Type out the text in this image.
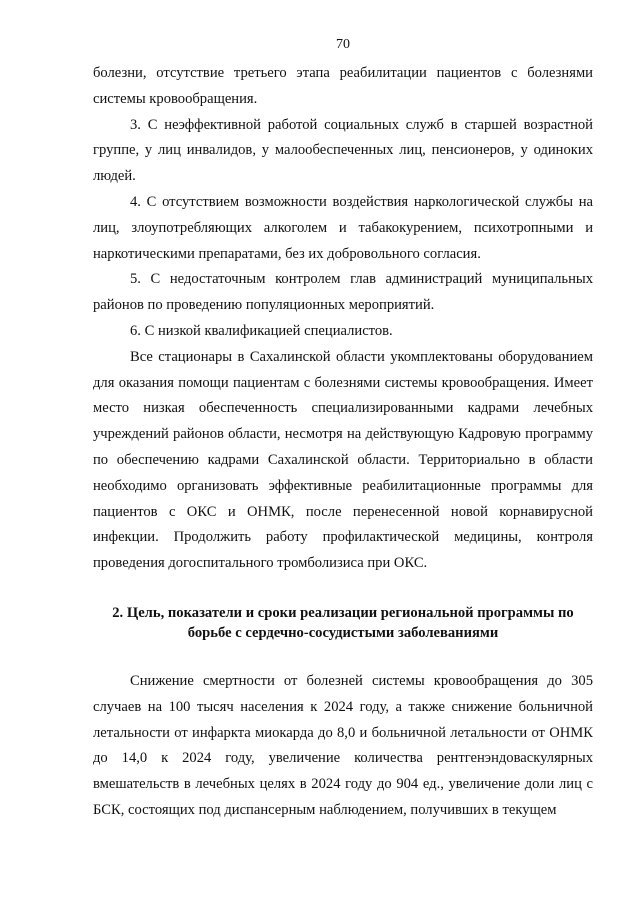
70

болезни, отсутствие третьего этапа реабилитации пациентов с болезнями системы кровообращения.

3. С неэффективной работой социальных служб в старшей возрастной группе, у лиц инвалидов, у малообеспеченных лиц, пенсионеров, у одиноких людей.

4. С отсутствием возможности воздействия наркологической службы на лиц, злоупотребляющих алкоголем и табакокурением, психотропными и наркотическими препаратами, без их добровольного согласия.

5. С недостаточным контролем глав администраций муниципальных районов по проведению популяционных мероприятий.

6. С низкой квалификацией специалистов.

Все стационары в Сахалинской области укомплектованы оборудованием для оказания помощи пациентам с болезнями системы кровообращения. Имеет место низкая обеспеченность специализированными кадрами лечебных учреждений районов области, несмотря на действующую Кадровую программу по обеспечению кадрами Сахалинской области. Территориально в области необходимо организовать эффективные реабилитационные программы для пациентов с ОКС и ОНМК, после перенесенной новой корнавирусной инфекции. Продолжить работу профилактической медицины, контроля проведения догоспитального тромболизиса при ОКС.

2. Цель, показатели и сроки реализации региональной программы по
борьбе с сердечно-сосудистыми заболеваниями

Снижение смертности от болезней системы кровообращения до 305 случаев на 100 тысяч населения к 2024 году, а также снижение больничной летальности от инфаркта миокарда до 8,0 и больничной летальности от ОНМК до 14,0 к 2024 году, увеличение количества рентгенэндоваскулярных вмешательств в лечебных целях в 2024 году до 904 ед., увеличение доли лиц с БСК, состоящих под диспансерным наблюдением, получивших в текущем
